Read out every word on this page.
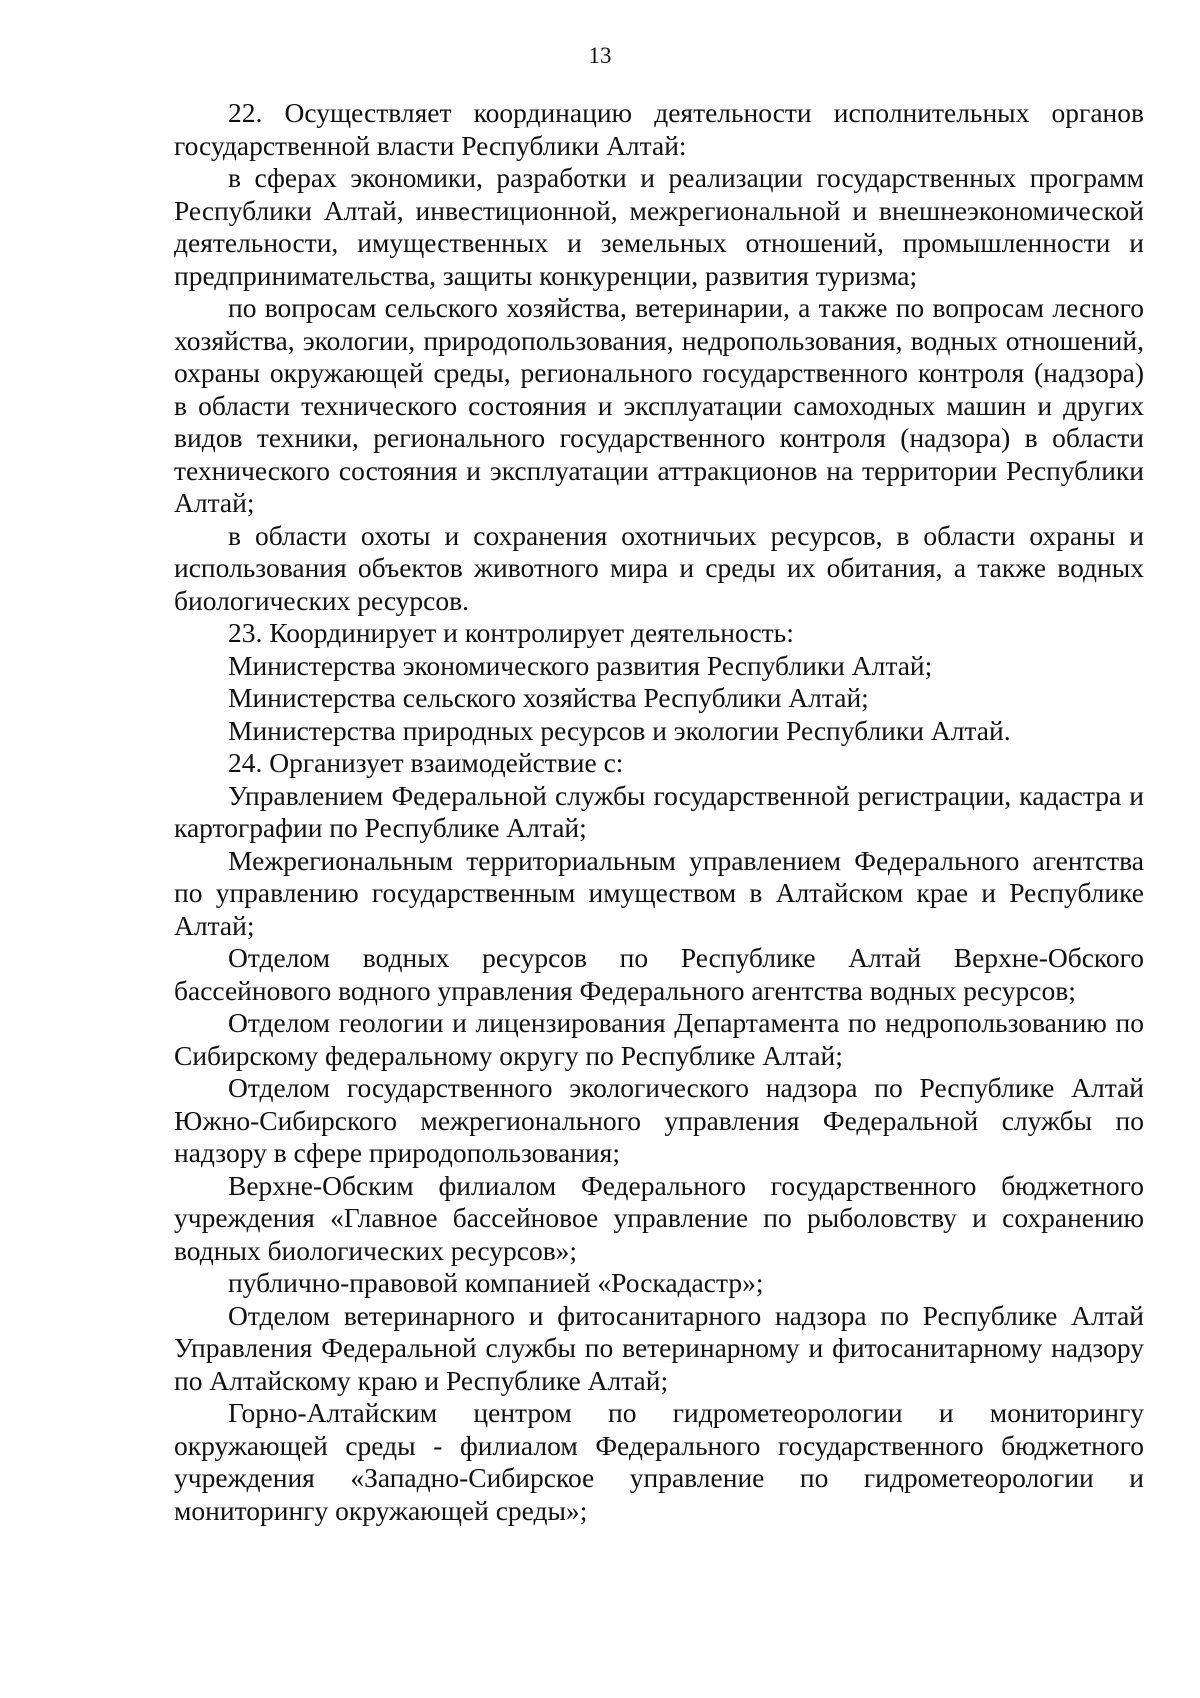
13

22. Осуществляет координацию деятельности исполнительных органов государственной власти Республики Алтай:

в сферах экономики, разработки и реализации государственных программ Республики Алтай, инвестиционной, межрегиональной и внешнеэкономической деятельности, имущественных и земельных отношений, промышленности и предпринимательства, защиты конкуренции, развития туризма;

по вопросам сельского хозяйства, ветеринарии, а также по вопросам лесного хозяйства, экологии, природопользования, недропользования, водных отношений, охраны окружающей среды, регионального государственного контроля (надзора) в области технического состояния и эксплуатации самоходных машин и других видов техники, регионального государственного контроля (надзора) в области технического состояния и эксплуатации аттракционов на территории Республики Алтай;

в области охоты и сохранения охотничьих ресурсов, в области охраны и использования объектов животного мира и среды их обитания, а также водных биологических ресурсов.

23. Координирует и контролирует деятельность:

Министерства экономического развития Республики Алтай;

Министерства сельского хозяйства Республики Алтай;

Министерства природных ресурсов и экологии Республики Алтай.

24. Организует взаимодействие с:

Управлением Федеральной службы государственной регистрации, кадастра и картографии по Республике Алтай;

Межрегиональным территориальным управлением Федерального агентства по управлению государственным имуществом в Алтайском крае и Республике Алтай;

Отделом водных ресурсов по Республике Алтай Верхне-Обского бассейнового водного управления Федерального агентства водных ресурсов;

Отделом геологии и лицензирования Департамента по недропользованию по Сибирскому федеральному округу по Республике Алтай;

Отделом государственного экологического надзора по Республике Алтай Южно-Сибирского межрегионального управления Федеральной службы по надзору в сфере природопользования;

Верхне-Обским филиалом Федерального государственного бюджетного учреждения «Главное бассейновое управление по рыболовству и сохранению водных биологических ресурсов»;

публично-правовой компанией «Роскадастр»;

Отделом ветеринарного и фитосанитарного надзора по Республике Алтай Управления Федеральной службы по ветеринарному и фитосанитарному надзору по Алтайскому краю и Республике Алтай;

Горно-Алтайским центром по гидрометеорологии и мониторингу окружающей среды - филиалом Федерального государственного бюджетного учреждения «Западно-Сибирское управление по гидрометеорологии и мониторингу окружающей среды»;
